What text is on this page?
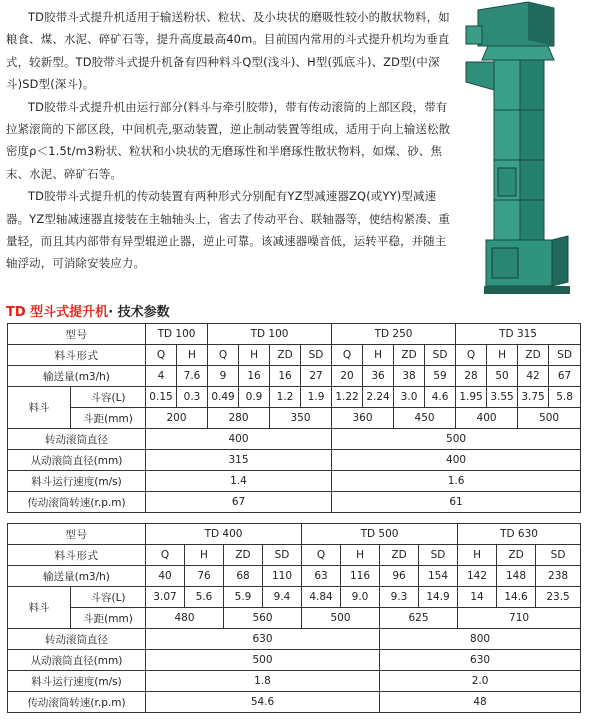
TD胶带斗式提升机适用于输送粉状、粒状、及小块状的磨吸性较小的散状物料，如粮食、煤、水泥、碎矿石等，提升高度最高40m。目前国内常用的斗式提升机均为垂直式，较新型。TD胶带斗式提升机备有四种料斗Q型(浅斗)、H型(弧底斗)、ZD型(中深斗)SD型(深斗)。

TD胶带斗式提升机由运行部分(料斗与牵引胶带)，带有传动滚筒的上部区段，带有拉紧滚筒的下部区段，中间机壳,驱动装置，逆止制动装置等组成，适用于向上输送松散密度ρ＜1.5t/m3粉状、粒状和小块状的无磨琢性和半磨琢性散状物料，如煤、砂、焦末、水泥、碎矿石等。

TD胶带斗式提升机的传动装置有两种形式分别配有YZ型减速器ZQ(或YY)型减速器。YZ型轴减速器直接装在主轴轴头上，省去了传动平台、联轴器等，使结构紧凑、重量轻，而且其内部带有异型辊逆止器，逆止可靠。该减速器噪音低，运转平稳，并随主轴浮动，可消除安装应力。

TD 型斗式提升机· 技术参数
型号		TD 100		TD 100				TD 250				TD 315			
料斗形式		Q	H	Q	H	ZD	SD	Q	H	ZD	SD	Q	H	ZD	SD
输送量(m3/h)		4	7.6	9	16	16	27	20	36	38	59	28	50	42	67
料斗	斗容(L)	0.15	0.3	0.49	0.9	1.2	1.9	1.22	2.24	3.0	4.6	1.95	3.55	3.75	5.8
	斗距(mm)	200		280		350		360		450		400		500	
转动滚筒直径		400						500							
从动滚筒直径(mm)		315						400							
料斗运行速度(m/s)		1.4						1.6							
传动滚筒转速(r.p.m)		67						61							
型号		TD 400				TD 500				TD 630		
料斗形式		Q	H	ZD	SD	Q	H	ZD	SD	H	ZD	SD
输送量(m3/h)		40	76	68	110	63	116	96	154	142	148	238
料斗	斗容(L)	3.07	5.6	5.9	9.4	4.84	9.0	9.3	14.9	14	14.6	23.5
	斗距(mm)	480		560		500		625		710		
转动滚筒直径		630						800				
从动滚筒直径(mm)		500						630				
料斗运行速度(m/s)		1.8						2.0				
传动滚筒转速(r.p.m)		54.6						48				
